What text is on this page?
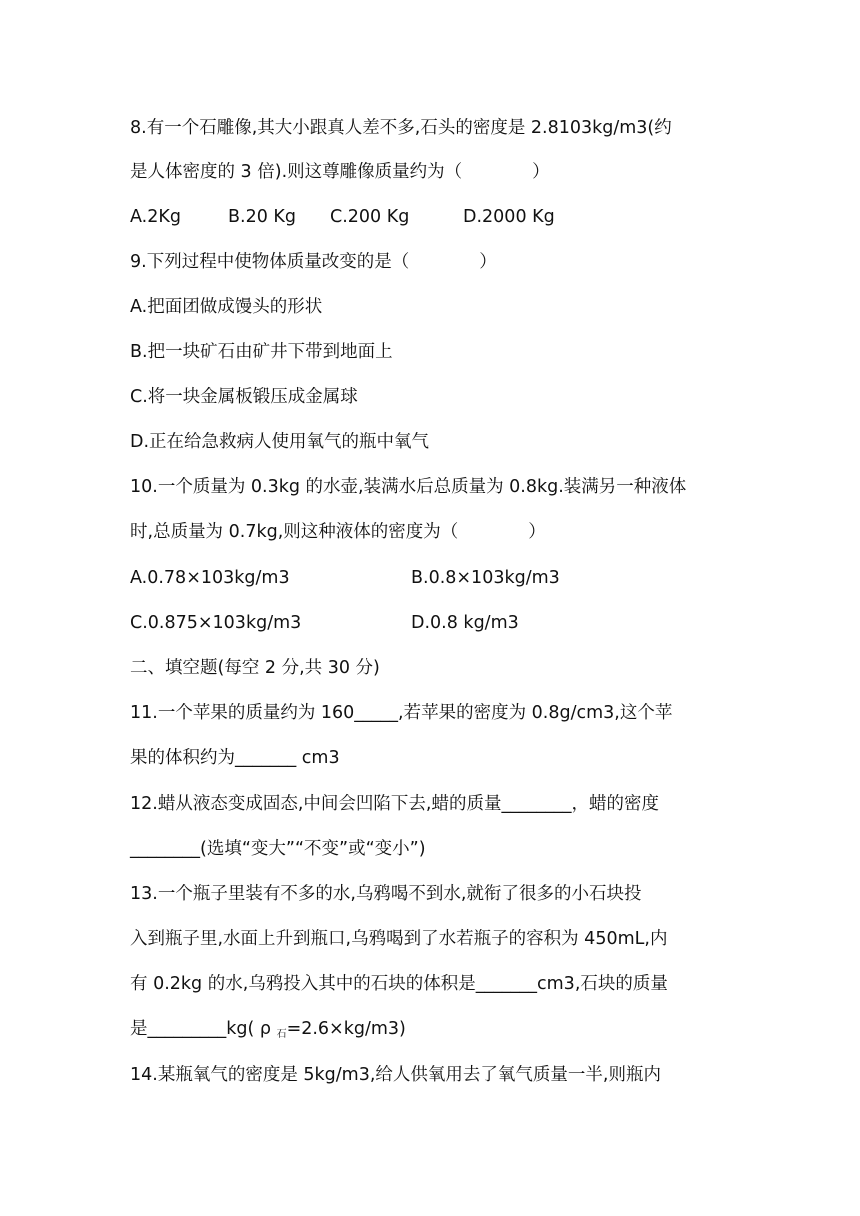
8.有一个石雕像,其大小跟真人差不多,石头的密度是 2.8103kg/m3(约
是人体密度的 3 倍).则这尊雕像质量约为（　　　　）
A.2Kg	B.20 Kg C.200 Kg	D.2000 Kg
9.下列过程中使物体质量改变的是（　　　　）
A.把面团做成馒头的形状
B.把一块矿石由矿井下带到地面上
C.将一块金属板锻压成金属球
D.正在给急救病人使用氧气的瓶中氧气
10.一个质量为 0.3kg 的水壶,装满水后总质量为 0.8kg.装满另一种液体
时,总质量为 0.7kg,则这种液体的密度为（　　　　）
A.0.78×103kg/m3	B.0.8×103kg/m3
C.0.875×103kg/m3	D.0.8 kg/m3
二、填空题(每空 2 分,共 30 分)
11.一个苹果的质量约为 160_____,若苹果的密度为 0.8g/cm3,这个苹
果的体积约为_______ cm3
12.蜡从液态变成固态,中间会凹陷下去,蜡的质量________，蜡的密度
________(选填“变大”“不变”或“变小”)
13.一个瓶子里装有不多的水,乌鸦喝不到水,就衔了很多的小石块投
入到瓶子里,水面上升到瓶口,乌鸦喝到了水若瓶子的容积为 450mL,内
有 0.2kg 的水,乌鸦投入其中的石块的体积是_______cm3,石块的质量
是_________kg( ρ $_石$=2.6×kg/m3)
14.某瓶氧气的密度是 5kg/m3,给人供氧用去了氧气质量一半,则瓶内
